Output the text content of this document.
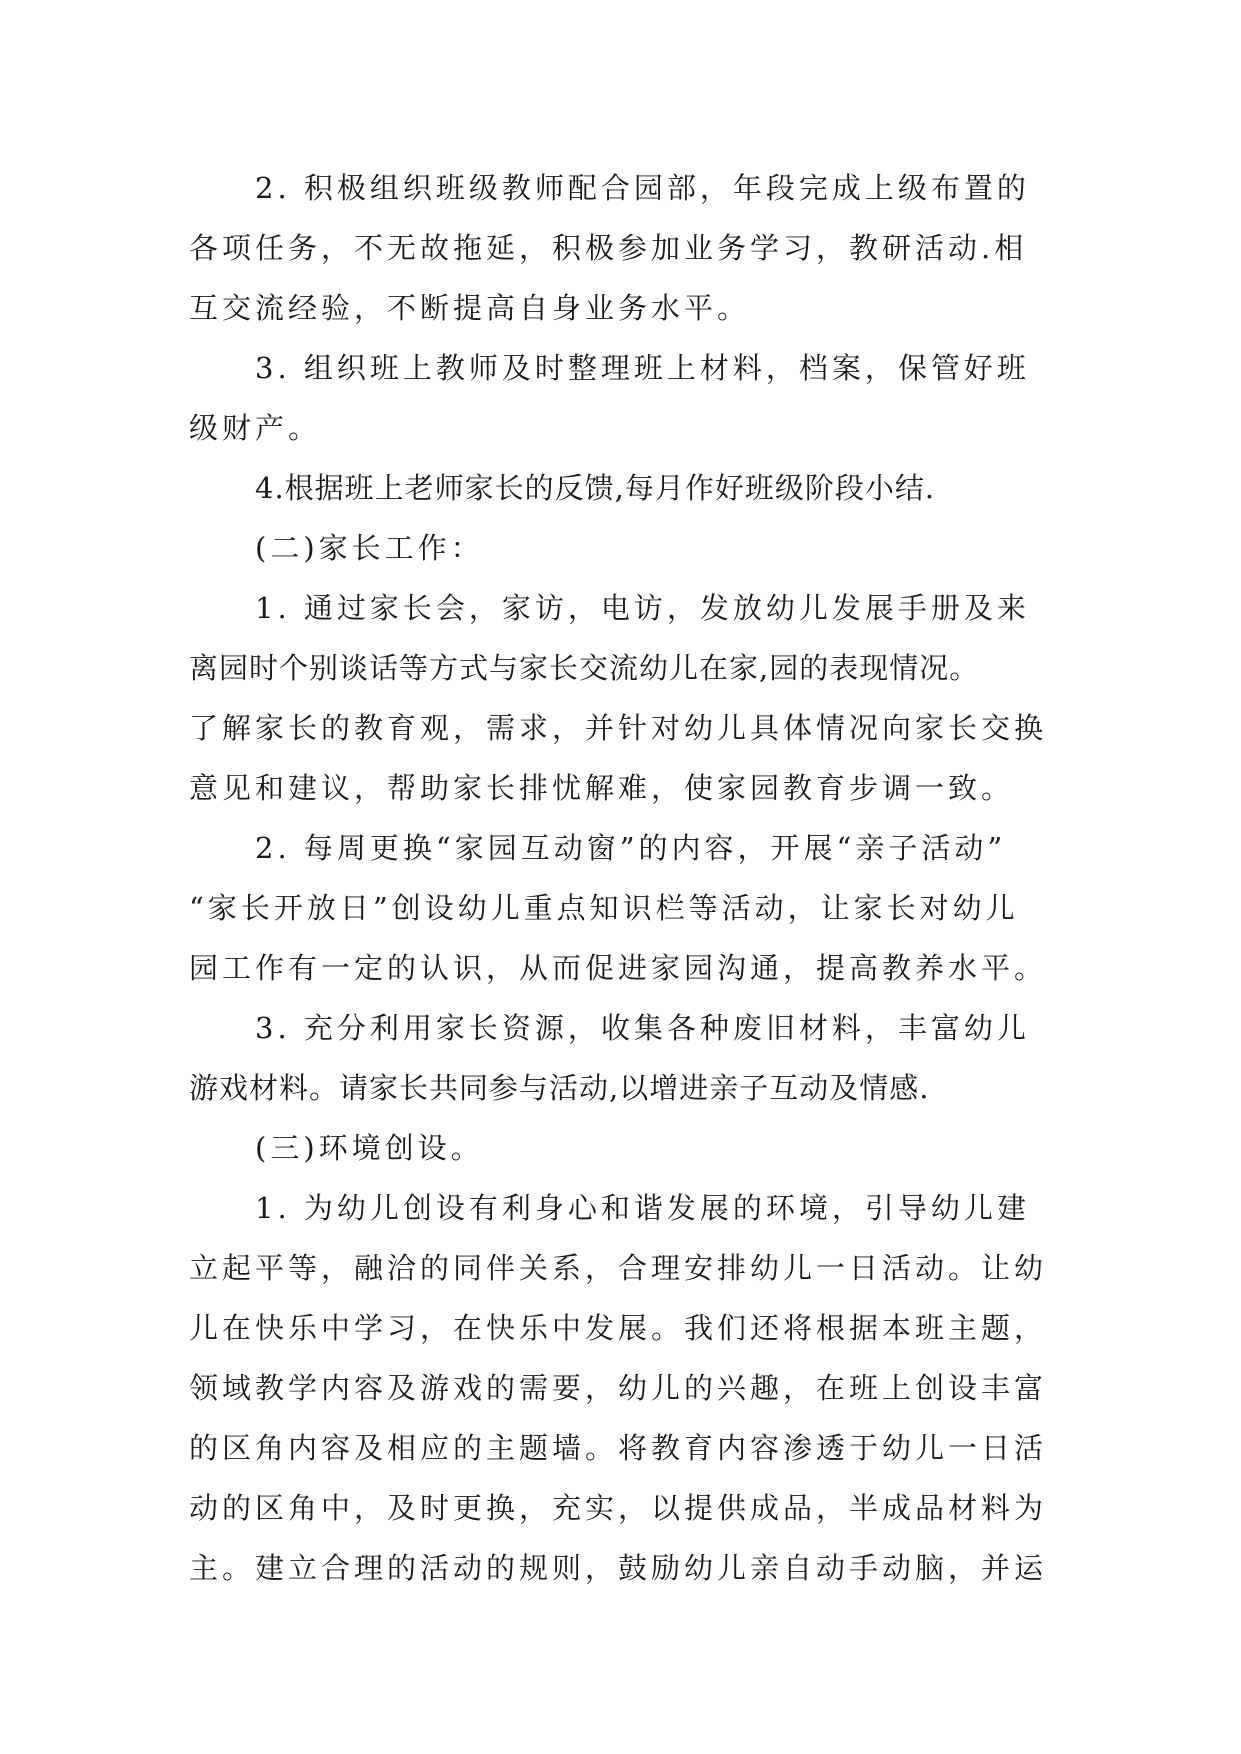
2. 积极组织班级教师配合园部，年段完成上级布置的
各项任务，不无故拖延，积极参加业务学习，教研活动.相
互交流经验，不断提高自身业务水平。
3. 组织班上教师及时整理班上材料，档案，保管好班
级财产。
4.根据班上老师家长的反馈,每月作好班级阶段小结.
(二)家长工作：
1. 通过家长会，家访，电访，发放幼儿发展手册及来
离园时个别谈话等方式与家长交流幼儿在家,园的表现情况。
了解家长的教育观，需求，并针对幼儿具体情况向家长交换
意见和建议，帮助家长排忧解难，使家园教育步调一致。
2. 每周更换“家园互动窗”的内容，开展“亲子活动”
“家长开放日”创设幼儿重点知识栏等活动，让家长对幼儿
园工作有一定的认识，从而促进家园沟通，提高教养水平。
3. 充分利用家长资源，收集各种废旧材料，丰富幼儿
游戏材料。请家长共同参与活动,以增进亲子互动及情感.
(三)环境创设。
1. 为幼儿创设有利身心和谐发展的环境，引导幼儿建
立起平等，融洽的同伴关系，合理安排幼儿一日活动。让幼
儿在快乐中学习，在快乐中发展。我们还将根据本班主题，
领域教学内容及游戏的需要，幼儿的兴趣，在班上创设丰富
的区角内容及相应的主题墙。将教育内容渗透于幼儿一日活
动的区角中，及时更换，充实，以提供成品，半成品材料为
主。建立合理的活动的规则，鼓励幼儿亲自动手动脑，并运
